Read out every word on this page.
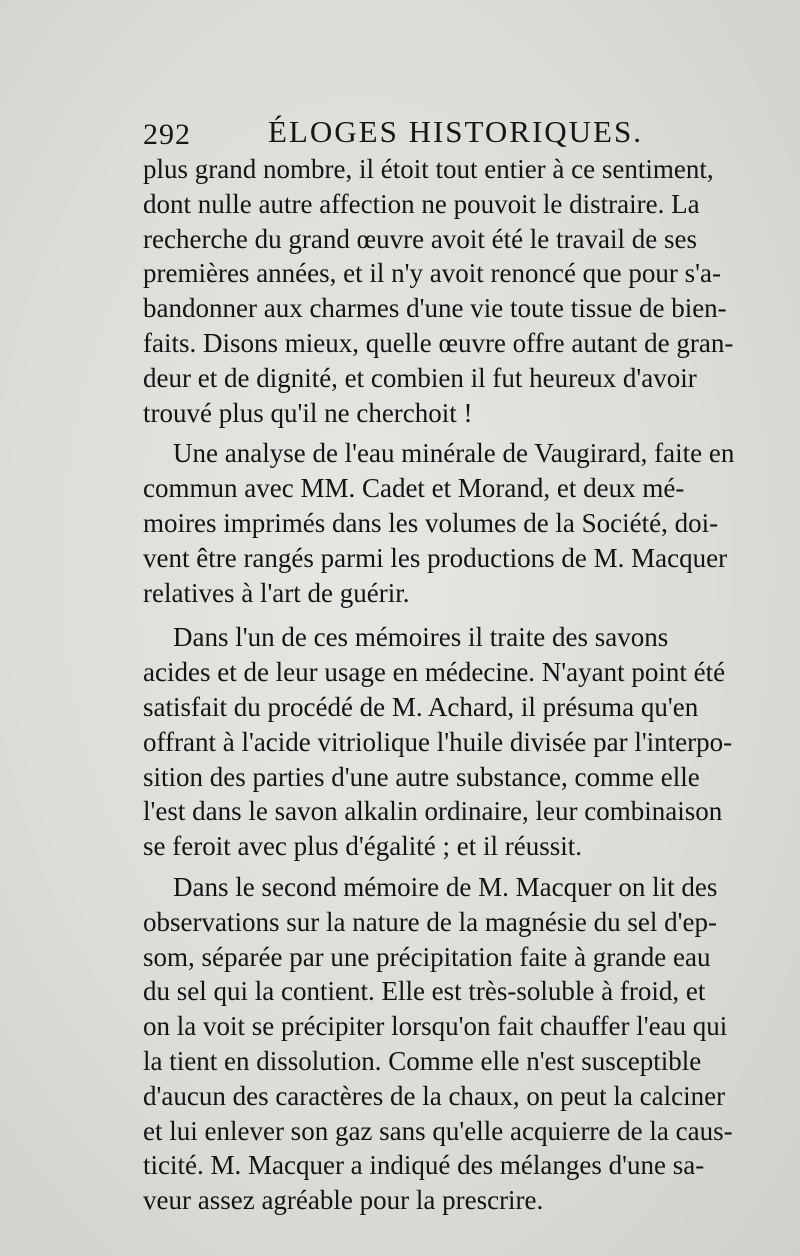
292 ÉLOGES HISTORIQUES.
plus grand nombre, il étoit tout entier à ce sentiment,
dont nulle autre affection ne pouvoit le distraire. La
recherche du grand œuvre avoit été le travail de ses
premières années, et il n'y avoit renoncé que pour s'a-
bandonner aux charmes d'une vie toute tissue de bien-
faits. Disons mieux, quelle œuvre offre autant de gran-
deur et de dignité, et combien il fut heureux d'avoir
trouvé plus qu'il ne cherchoit !
Une analyse de l'eau minérale de Vaugirard, faite en
commun avec MM. Cadet et Morand, et deux mé-
moires imprimés dans les volumes de la Société, doi-
vent être rangés parmi les productions de M. Macquer
relatives à l'art de guérir.
Dans l'un de ces mémoires il traite des savons
acides et de leur usage en médecine. N'ayant point été
satisfait du procédé de M. Achard, il présuma qu'en
offrant à l'acide vitriolique l'huile divisée par l'interpo-
sition des parties d'une autre substance, comme elle
l'est dans le savon alkalin ordinaire, leur combinaison
se feroit avec plus d'égalité ; et il réussit.
Dans le second mémoire de M. Macquer on lit des
observations sur la nature de la magnésie du sel d'ep-
som, séparée par une précipitation faite à grande eau
du sel qui la contient. Elle est très-soluble à froid, et
on la voit se précipiter lorsqu'on fait chauffer l'eau qui
la tient en dissolution. Comme elle n'est susceptible
d'aucun des caractères de la chaux, on peut la calciner
et lui enlever son gaz sans qu'elle acquierre de la caus-
ticité. M. Macquer a indiqué des mélanges d'une sa-
veur assez agréable pour la prescrire.
